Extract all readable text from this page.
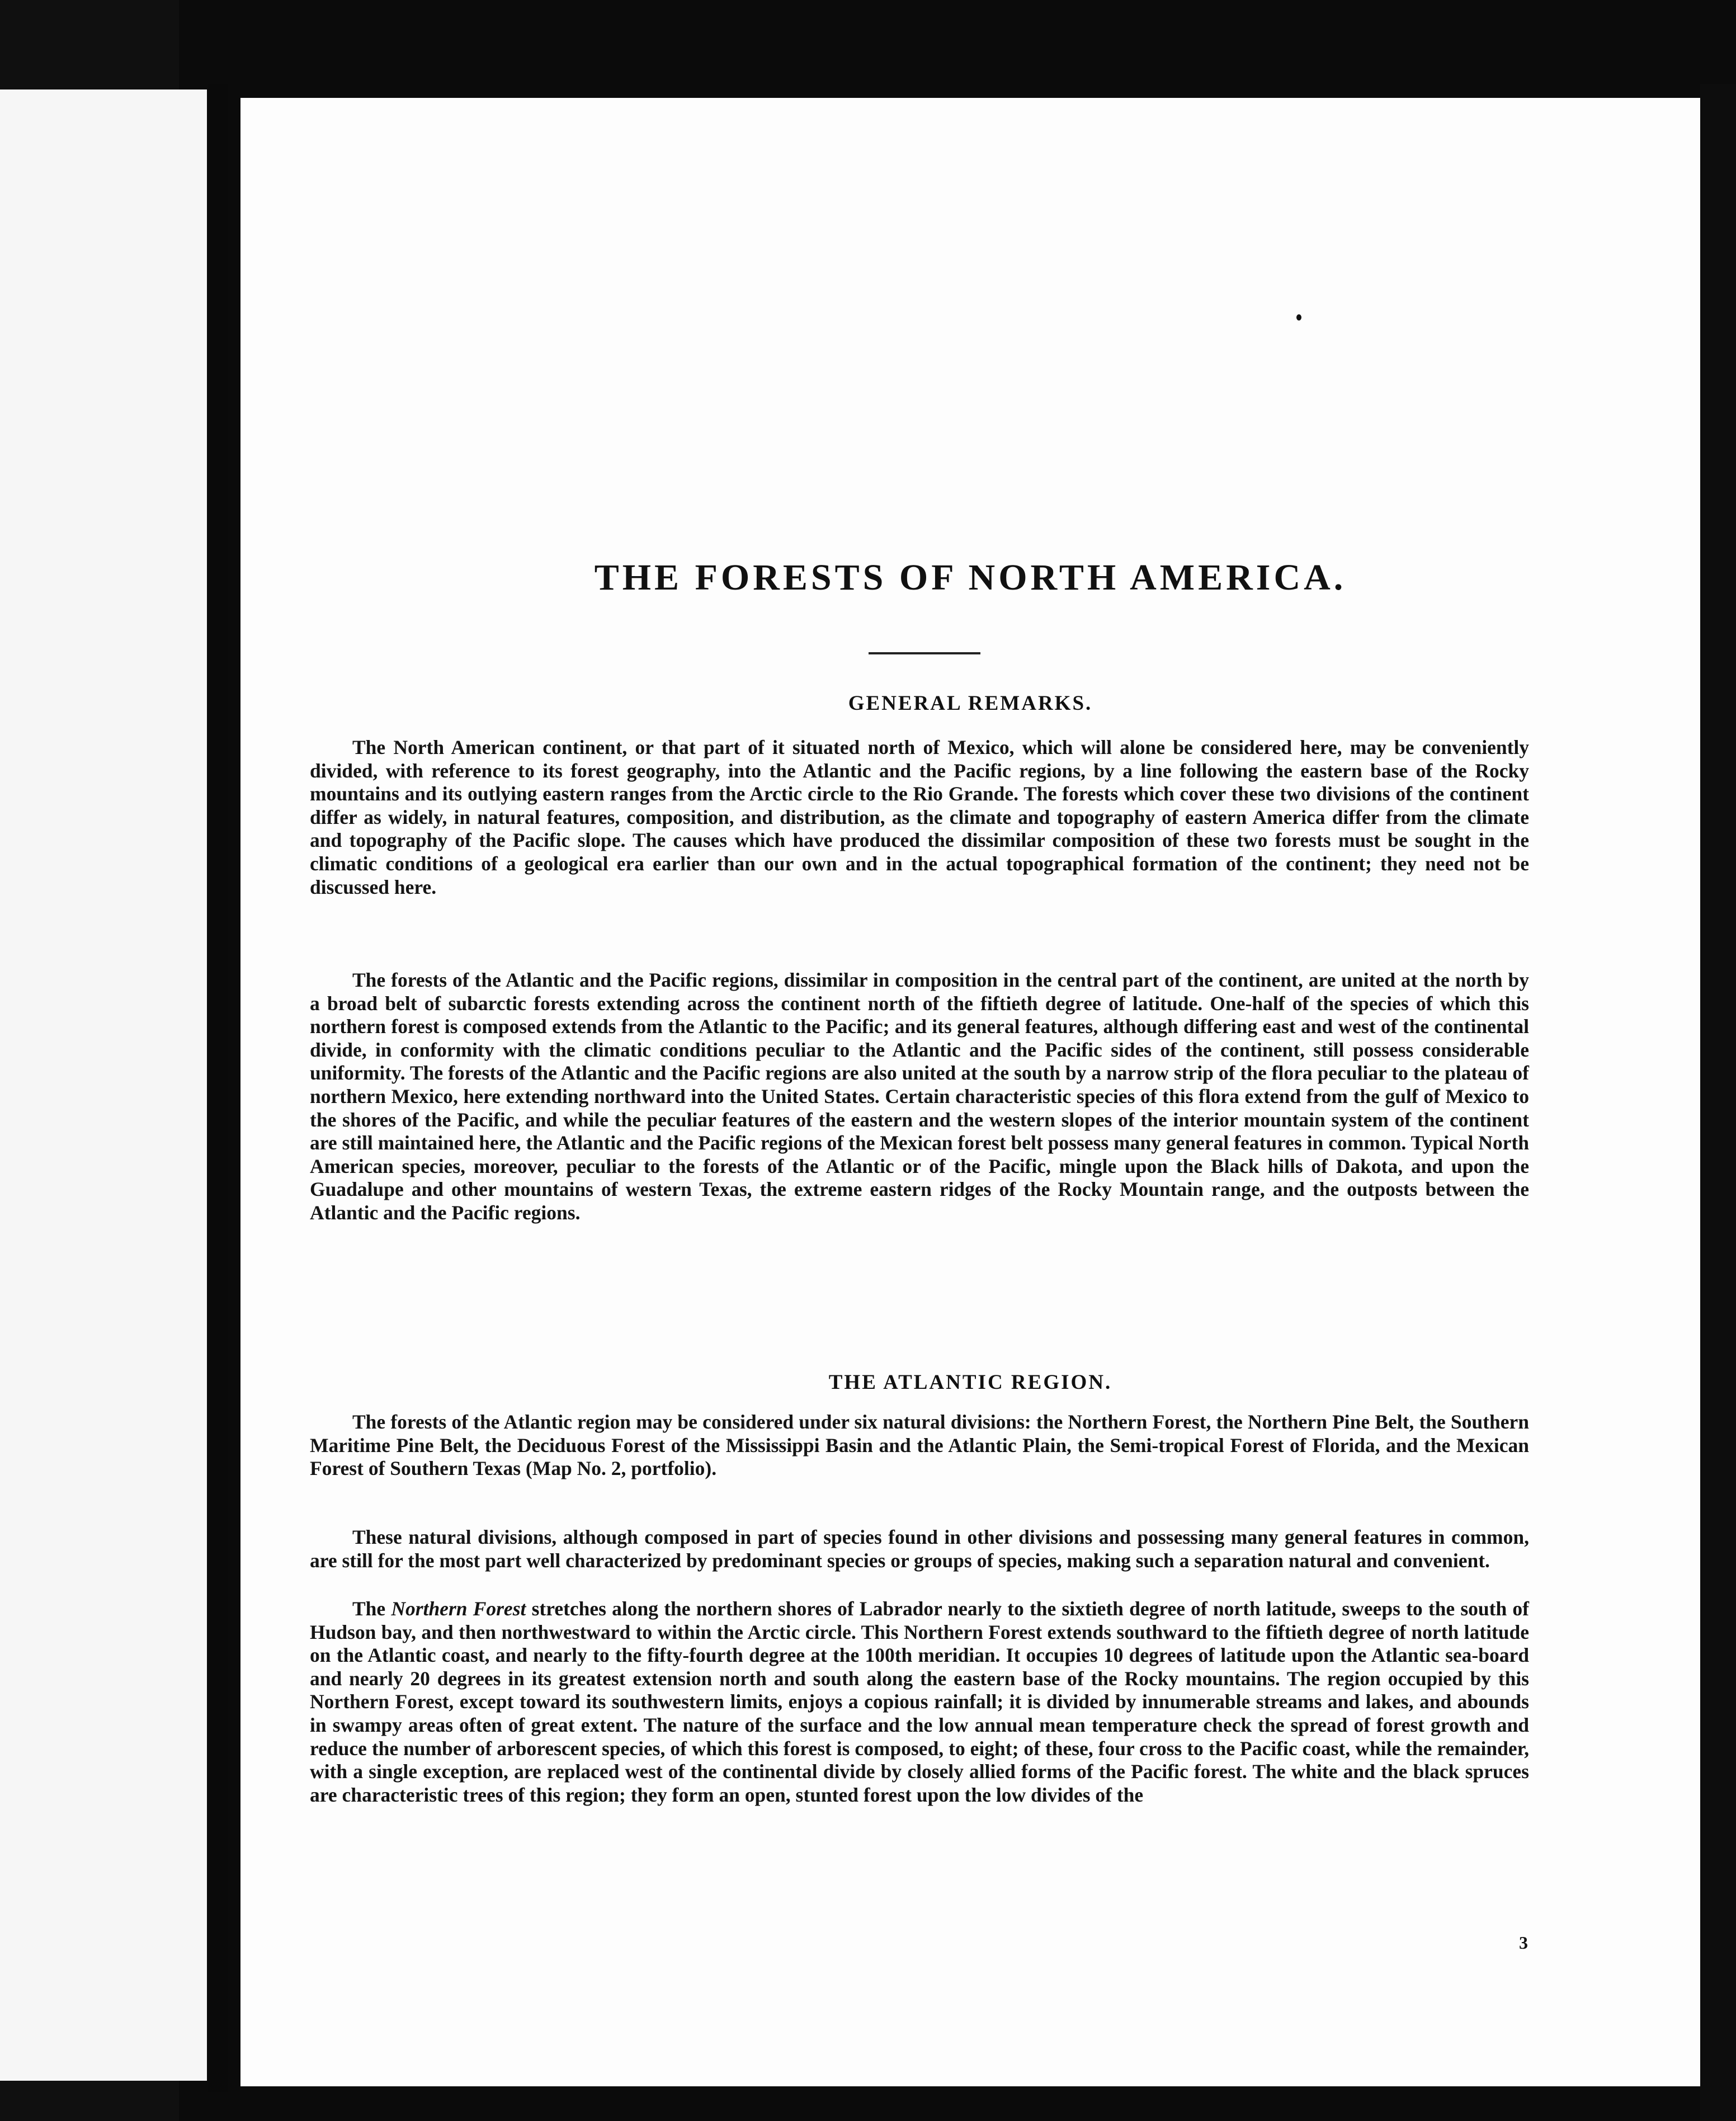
THE FORESTS OF NORTH AMERICA.
GENERAL REMARKS.

The North American continent, or that part of it situated north of Mexico, which will alone be considered here, may be conveniently divided, with reference to its forest geography, into the Atlantic and the Pacific regions, by a line following the eastern base of the Rocky mountains and its outlying eastern ranges from the Arctic circle to the Rio Grande. The forests which cover these two divisions of the continent differ as widely, in natural features, composition, and distribution, as the climate and topography of eastern America differ from the climate and topography of the Pacific slope. The causes which have produced the dissimilar composition of these two forests must be sought in the climatic conditions of a geological era earlier than our own and in the actual topographical formation of the continent; they need not be discussed here.

The forests of the Atlantic and the Pacific regions, dissimilar in composition in the central part of the continent, are united at the north by a broad belt of subarctic forests extending across the continent north of the fiftieth degree of latitude. One-half of the species of which this northern forest is composed extends from the Atlantic to the Pacific; and its general features, although differing east and west of the continental divide, in conformity with the climatic conditions peculiar to the Atlantic and the Pacific sides of the continent, still possess considerable uniformity. The forests of the Atlantic and the Pacific regions are also united at the south by a narrow strip of the flora peculiar to the plateau of northern Mexico, here extending northward into the United States. Certain characteristic species of this flora extend from the gulf of Mexico to the shores of the Pacific, and while the peculiar features of the eastern and the western slopes of the interior mountain system of the continent are still maintained here, the Atlantic and the Pacific regions of the Mexican forest belt possess many general features in common. Typical North American species, moreover, peculiar to the forests of the Atlantic or of the Pacific, mingle upon the Black hills of Dakota, and upon the Guadalupe and other mountains of western Texas, the extreme eastern ridges of the Rocky Mountain range, and the outposts between the Atlantic and the Pacific regions.

THE ATLANTIC REGION.

The forests of the Atlantic region may be considered under six natural divisions: the Northern Forest, the Northern Pine Belt, the Southern Maritime Pine Belt, the Deciduous Forest of the Mississippi Basin and the Atlantic Plain, the Semi-tropical Forest of Florida, and the Mexican Forest of Southern Texas (Map No. 2, portfolio).

These natural divisions, although composed in part of species found in other divisions and possessing many general features in common, are still for the most part well characterized by predominant species or groups of species, making such a separation natural and convenient.

The Northern Forest stretches along the northern shores of Labrador nearly to the sixtieth degree of north latitude, sweeps to the south of Hudson bay, and then northwestward to within the Arctic circle. This Northern Forest extends southward to the fiftieth degree of north latitude on the Atlantic coast, and nearly to the fifty-fourth degree at the 100th meridian. It occupies 10 degrees of latitude upon the Atlantic sea-board and nearly 20 degrees in its greatest extension north and south along the eastern base of the Rocky mountains. The region occupied by this Northern Forest, except toward its southwestern limits, enjoys a copious rainfall; it is divided by innumerable streams and lakes, and abounds in swampy areas often of great extent. The nature of the surface and the low annual mean temperature check the spread of forest growth and reduce the number of arborescent species, of which this forest is composed, to eight; of these, four cross to the Pacific coast, while the remainder, with a single exception, are replaced west of the continental divide by closely allied forms of the Pacific forest. The white and the black spruces are characteristic trees of this region; they form an open, stunted forest upon the low divides of the

3
